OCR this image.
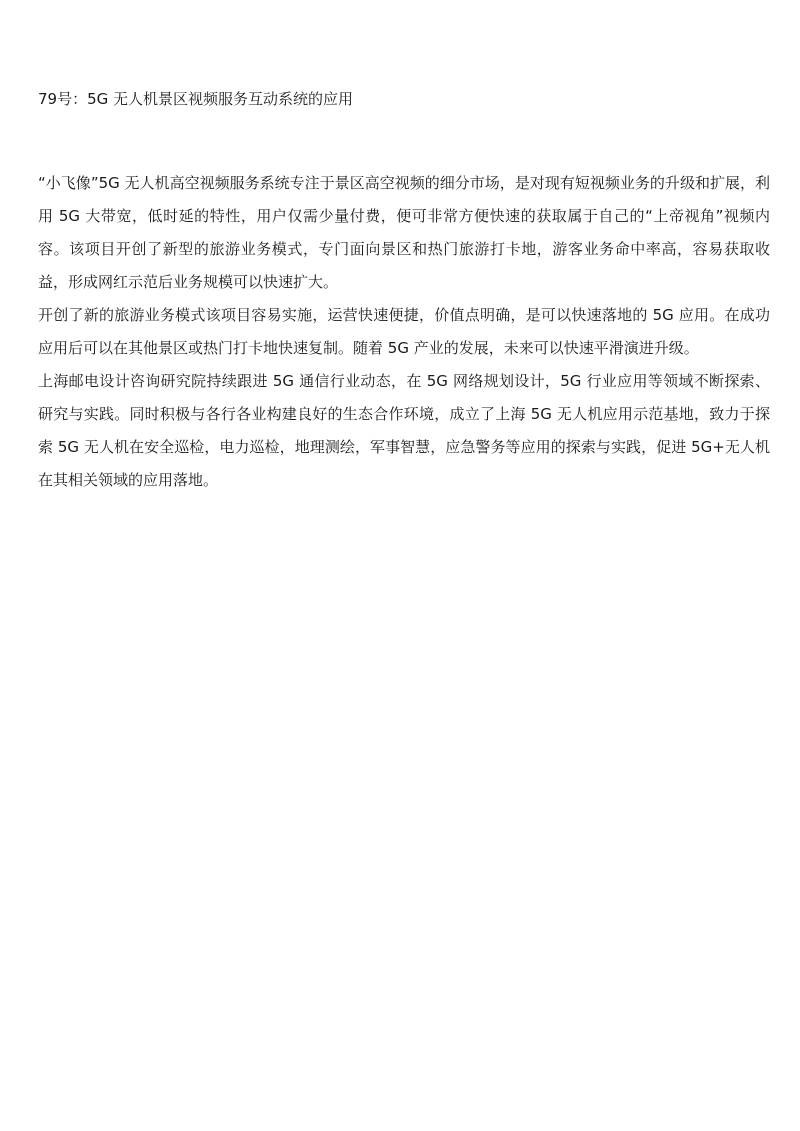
79号：5G 无人机景区视频服务互动系统的应用

“小飞像”5G 无人机高空视频服务系统专注于景区高空视频的细分市场，是对现有短视频业务的升级和扩展，利用 5G 大带宽，低时延的特性，用户仅需少量付费，便可非常方便快速的获取属于自己的“上帝视角”视频内容。该项目开创了新型的旅游业务模式，专门面向景区和热门旅游打卡地，游客业务命中率高，容易获取收益，形成网红示范后业务规模可以快速扩大。

开创了新的旅游业务模式该项目容易实施，运营快速便捷，价值点明确，是可以快速落地的 5G 应用。在成功应用后可以在其他景区或热门打卡地快速复制。随着 5G 产业的发展，未来可以快速平滑演进升级。

上海邮电设计咨询研究院持续跟进 5G 通信行业动态，在 5G 网络规划设计，5G 行业应用等领域不断探索、研究与实践。同时积极与各行各业构建良好的生态合作环境，成立了上海 5G 无人机应用示范基地，致力于探索 5G 无人机在安全巡检，电力巡检，地理测绘，军事智慧，应急警务等应用的探索与实践，促进 5G+无人机在其相关领域的应用落地。
